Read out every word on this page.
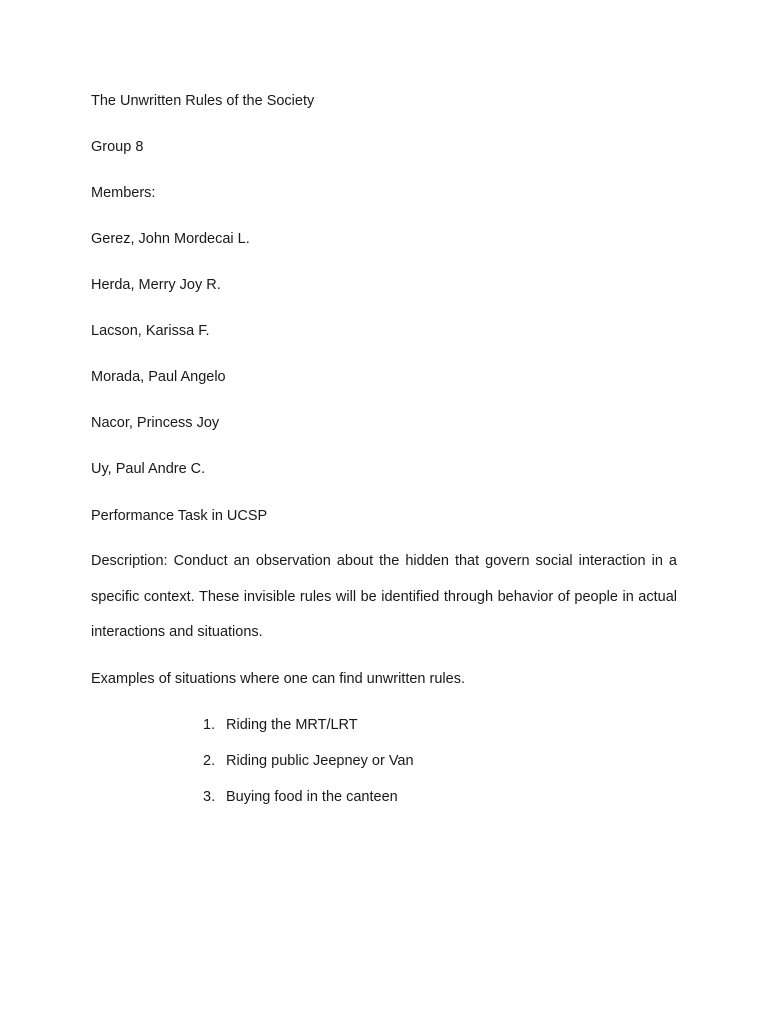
The Unwritten Rules of the Society
Group 8
Members:
Gerez, John Mordecai L.
Herda, Merry Joy R.
Lacson, Karissa F.
Morada, Paul Angelo
Nacor, Princess Joy
Uy, Paul Andre C.
Performance Task in UCSP
Description: Conduct an observation about the hidden that govern social interaction in a specific context. These invisible rules will be identified through behavior of people in actual interactions and situations.
Examples of situations where one can find unwritten rules.
1. Riding the MRT/LRT
2. Riding public Jeepney or Van
3. Buying food in the canteen
